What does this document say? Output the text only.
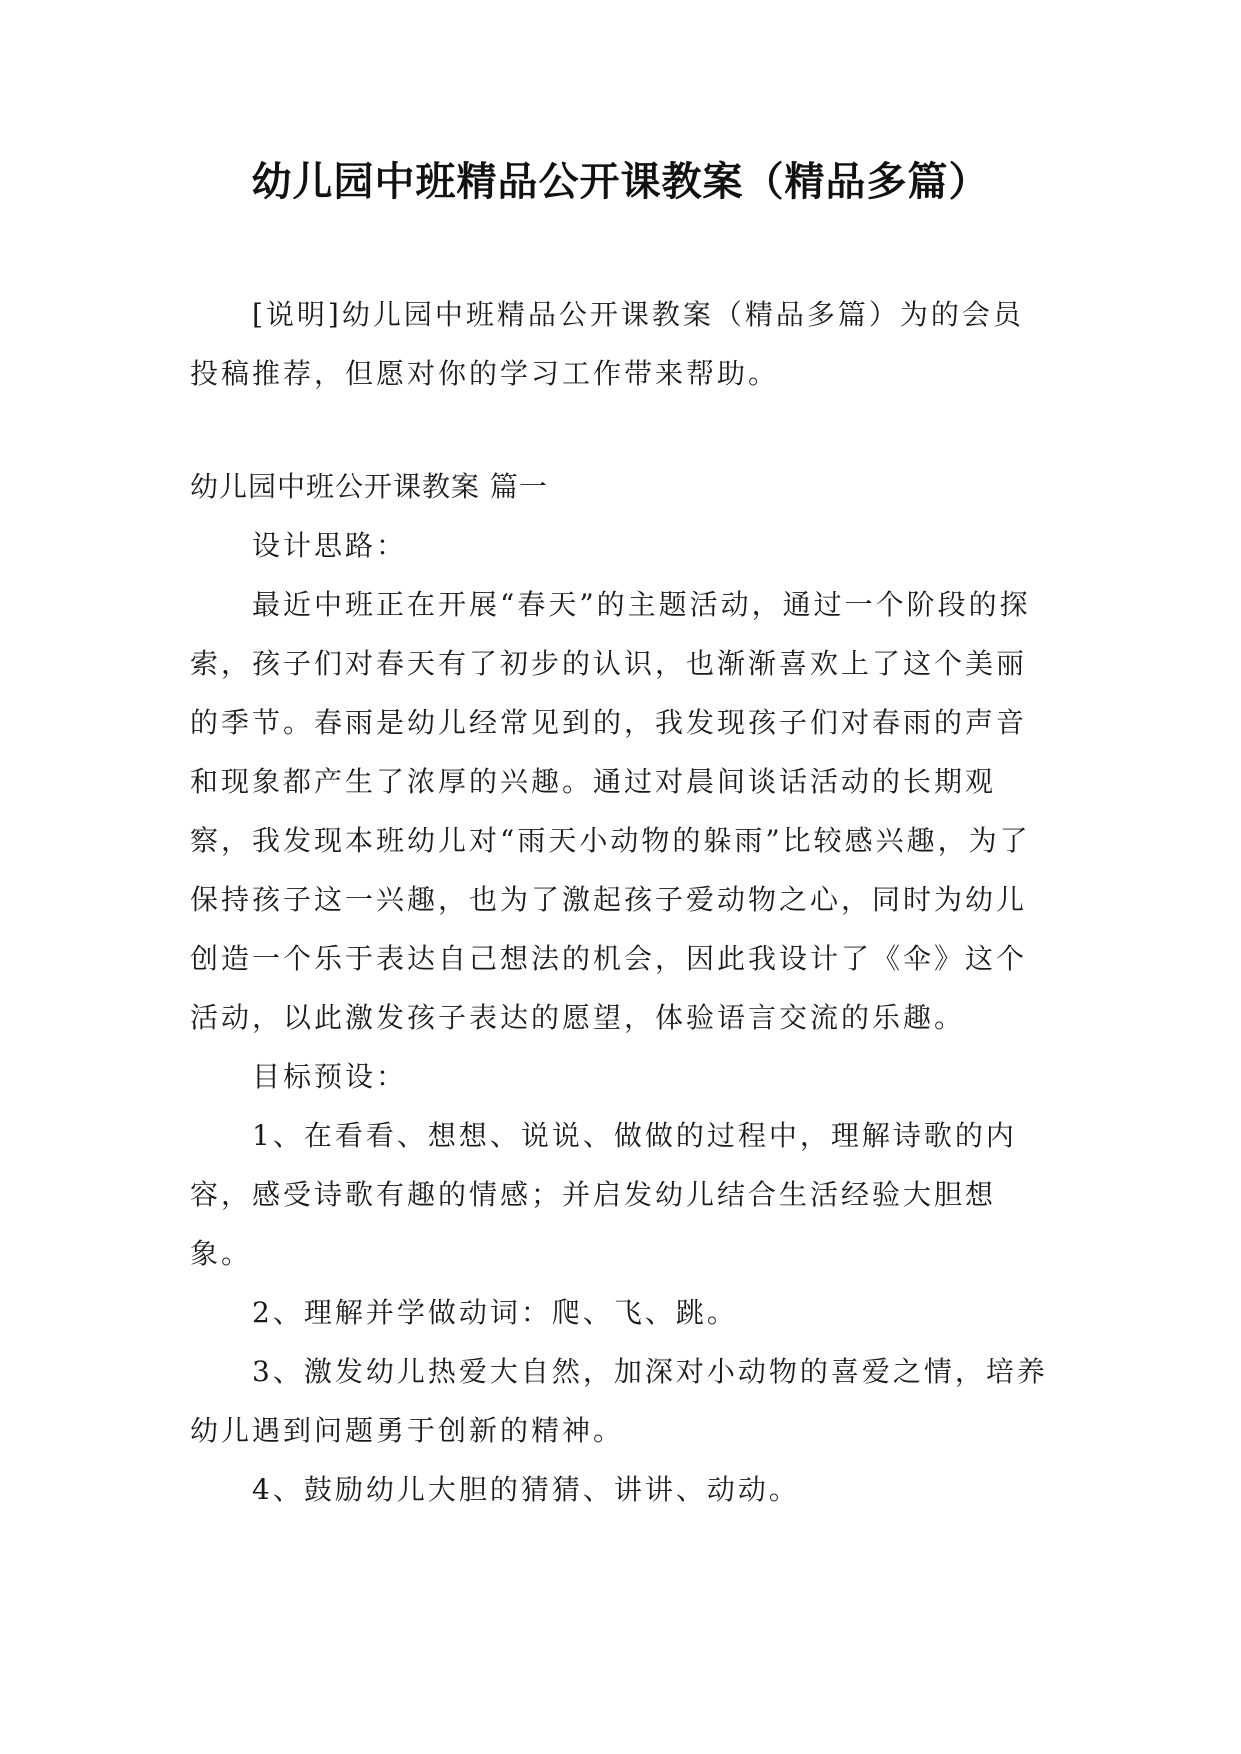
幼儿园中班精品公开课教案（精品多篇）

[说明]幼儿园中班精品公开课教案（精品多篇）为的会员投稿推荐，但愿对你的学习工作带来帮助。

幼儿园中班公开课教案 篇一

设计思路：

最近中班正在开展“春天”的主题活动，通过一个阶段的探索，孩子们对春天有了初步的认识，也渐渐喜欢上了这个美丽的季节。春雨是幼儿经常见到的，我发现孩子们对春雨的声音和现象都产生了浓厚的兴趣。通过对晨间谈话活动的长期观察，我发现本班幼儿对“雨天小动物的躲雨”比较感兴趣，为了保持孩子这一兴趣，也为了激起孩子爱动物之心，同时为幼儿创造一个乐于表达自己想法的机会，因此我设计了《伞》这个活动，以此激发孩子表达的愿望，体验语言交流的乐趣。

目标预设：

1、在看看、想想、说说、做做的过程中，理解诗歌的内容，感受诗歌有趣的情感；并启发幼儿结合生活经验大胆想象。

2、理解并学做动词：爬、飞、跳。

3、激发幼儿热爱大自然，加深对小动物的喜爱之情，培养幼儿遇到问题勇于创新的精神。

4、鼓励幼儿大胆的猜猜、讲讲、动动。
